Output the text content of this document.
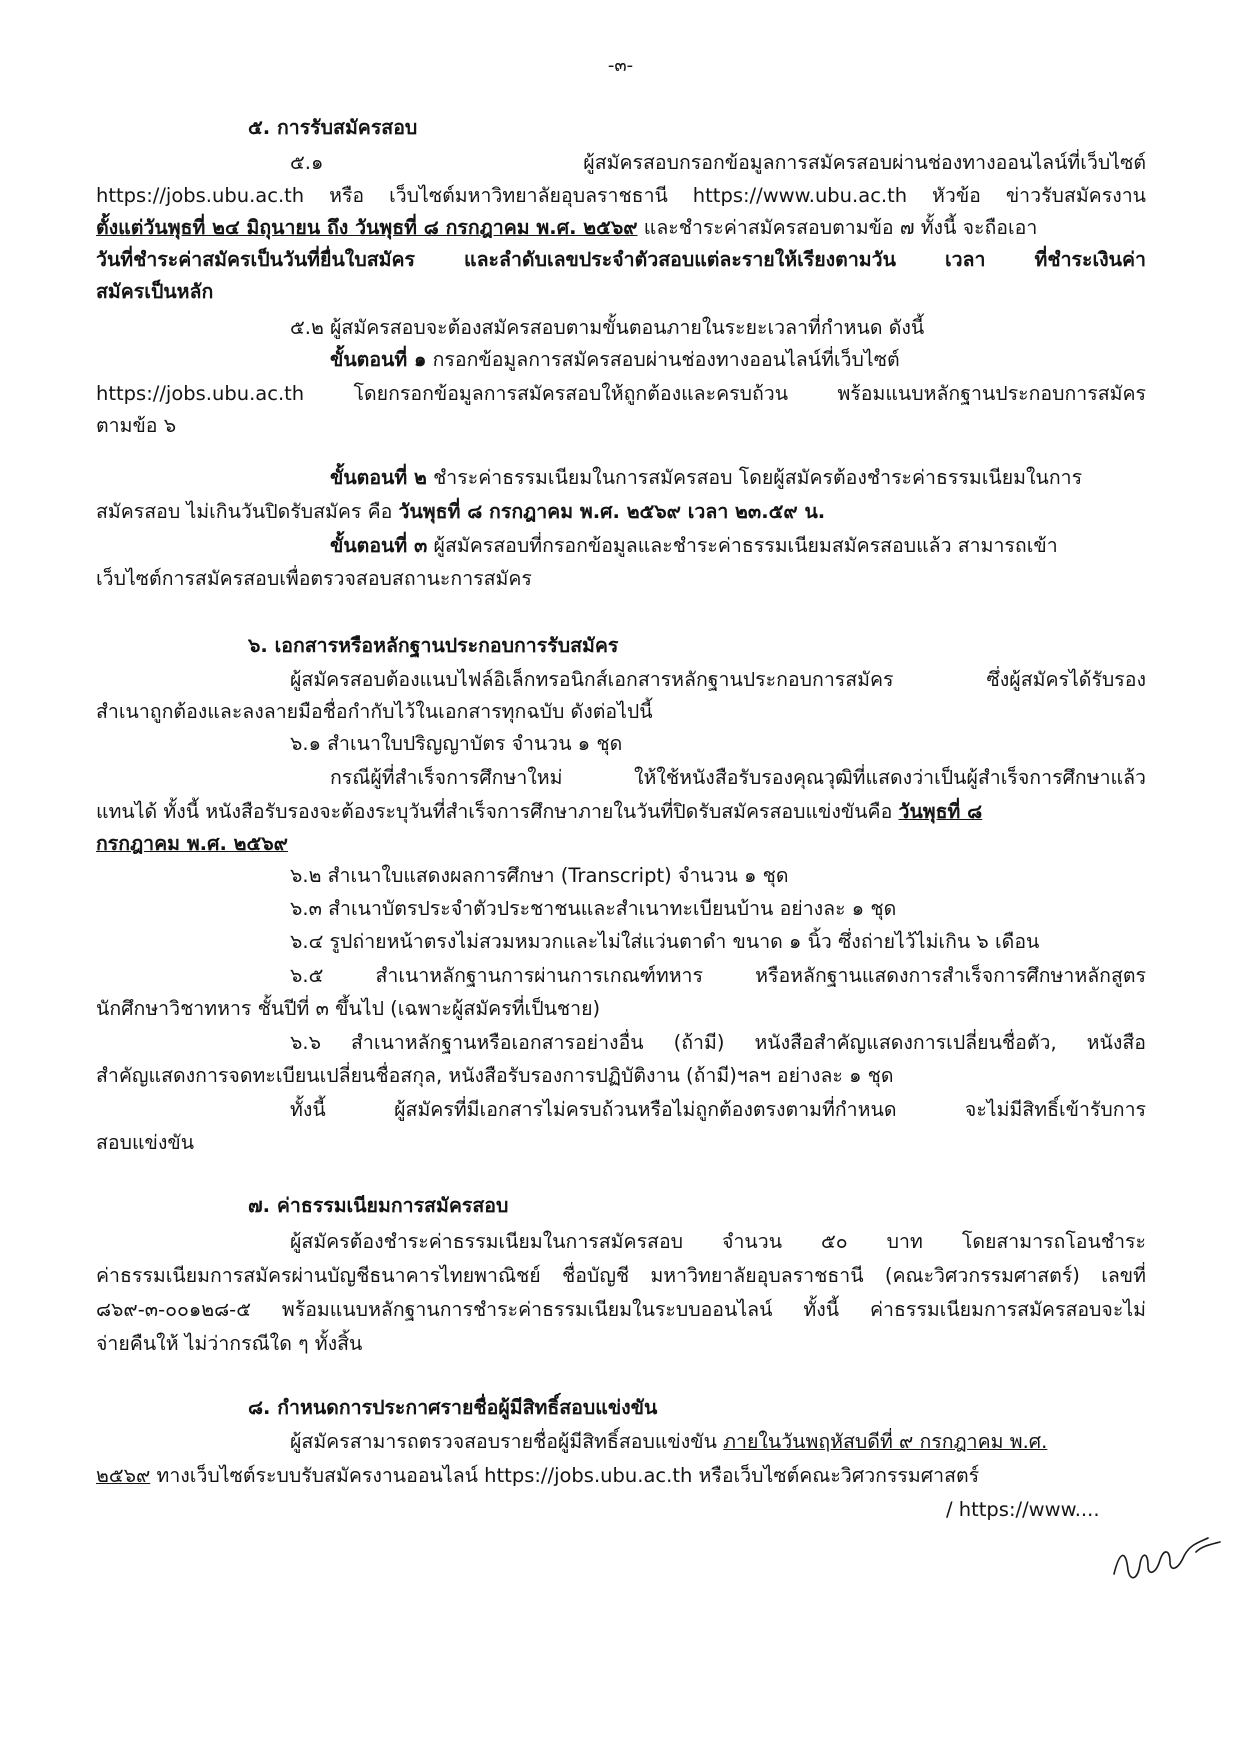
-๓-
๕. การรับสมัครสอบ
๕.๑ ผู้สมัครสอบกรอกข้อมูลการสมัครสอบผ่านช่องทางออนไลน์ที่เว็บไซต์
https://jobs.ubu.ac.th หรือ เว็บไซต์มหาวิทยาลัยอุบลราชธานี https://www.ubu.ac.th หัวข้อ ข่าวรับสมัครงาน
ตั้งแต่วันพุธที่ ๒๔ มิถุนายน ถึง วันพุธที่ ๘ กรกฎาคม พ.ศ. ๒๕๖๙ และชำระค่าสมัครสอบตามข้อ ๗ ทั้งนี้ จะถือเอา
วันที่ชำระค่าสมัครเป็นวันที่ยื่นใบสมัคร และลำดับเลขประจำตัวสอบแต่ละรายให้เรียงตามวัน เวลา ที่ชำระเงินค่า
สมัครเป็นหลัก
๕.๒ ผู้สมัครสอบจะต้องสมัครสอบตามขั้นตอนภายในระยะเวลาที่กำหนด ดังนี้
ขั้นตอนที่ ๑ กรอกข้อมูลการสมัครสอบผ่านช่องทางออนไลน์ที่เว็บไซต์
https://jobs.ubu.ac.th โดยกรอกข้อมูลการสมัครสอบให้ถูกต้องและครบถ้วน พร้อมแนบหลักฐานประกอบการสมัคร
ตามข้อ ๖
ขั้นตอนที่ ๒ ชำระค่าธรรมเนียมในการสมัครสอบ โดยผู้สมัครต้องชำระค่าธรรมเนียมในการ
สมัครสอบ ไม่เกินวันปิดรับสมัคร คือ วันพุธที่ ๘ กรกฎาคม พ.ศ. ๒๕๖๙ เวลา ๒๓.๕๙ น.
ขั้นตอนที่ ๓ ผู้สมัครสอบที่กรอกข้อมูลและชำระค่าธรรมเนียมสมัครสอบแล้ว สามารถเข้า
เว็บไซต์การสมัครสอบเพื่อตรวจสอบสถานะการสมัคร
๖. เอกสารหรือหลักฐานประกอบการรับสมัคร
ผู้สมัครสอบต้องแนบไฟล์อิเล็กทรอนิกส์เอกสารหลักฐานประกอบการสมัคร ซึ่งผู้สมัครได้รับรอง
สำเนาถูกต้องและลงลายมือชื่อกำกับไว้ในเอกสารทุกฉบับ ดังต่อไปนี้
๖.๑ สำเนาใบปริญญาบัตร จำนวน ๑ ชุด
กรณีผู้ที่สำเร็จการศึกษาใหม่ ให้ใช้หนังสือรับรองคุณวุฒิที่แสดงว่าเป็นผู้สำเร็จการศึกษาแล้ว
แทนได้ ทั้งนี้ หนังสือรับรองจะต้องระบุวันที่สำเร็จการศึกษาภายในวันที่ปิดรับสมัครสอบแข่งขันคือ วันพุธที่ ๘
กรกฎาคม พ.ศ. ๒๕๖๙
๖.๒ สำเนาใบแสดงผลการศึกษา (Transcript) จำนวน ๑ ชุด
๖.๓ สำเนาบัตรประจำตัวประชาชนและสำเนาทะเบียนบ้าน อย่างละ ๑ ชุด
๖.๔ รูปถ่ายหน้าตรงไม่สวมหมวกและไม่ใส่แว่นตาดำ ขนาด ๑ นิ้ว ซึ่งถ่ายไว้ไม่เกิน ๖ เดือน
๖.๕ สำเนาหลักฐานการผ่านการเกณฑ์ทหาร หรือหลักฐานแสดงการสำเร็จการศึกษาหลักสูตร
นักศึกษาวิชาทหาร ชั้นปีที่ ๓ ขึ้นไป (เฉพาะผู้สมัครที่เป็นชาย)
๖.๖ สำเนาหลักฐานหรือเอกสารอย่างอื่น (ถ้ามี) หนังสือสำคัญแสดงการเปลี่ยนชื่อตัว, หนังสือ
สำคัญแสดงการจดทะเบียนเปลี่ยนชื่อสกุล, หนังสือรับรองการปฏิบัติงาน (ถ้ามี)ฯลฯ อย่างละ ๑ ชุด
ทั้งนี้ ผู้สมัครที่มีเอกสารไม่ครบถ้วนหรือไม่ถูกต้องตรงตามที่กำหนด จะไม่มีสิทธิ์เข้ารับการ
สอบแข่งขัน
๗. ค่าธรรมเนียมการสมัครสอบ
ผู้สมัครต้องชำระค่าธรรมเนียมในการสมัครสอบ จำนวน ๕๐ บาท โดยสามารถโอนชำระ
ค่าธรรมเนียมการสมัครผ่านบัญชีธนาคารไทยพาณิชย์ ชื่อบัญชี มหาวิทยาลัยอุบลราชธานี (คณะวิศวกรรมศาสตร์) เลขที่
๘๖๙-๓-๐๐๑๒๘-๕ พร้อมแนบหลักฐานการชำระค่าธรรมเนียมในระบบออนไลน์ ทั้งนี้ ค่าธรรมเนียมการสมัครสอบจะไม่
จ่ายคืนให้ ไม่ว่ากรณีใด ๆ ทั้งสิ้น
๘. กำหนดการประกาศรายชื่อผู้มีสิทธิ์สอบแข่งขัน
ผู้สมัครสามารถตรวจสอบรายชื่อผู้มีสิทธิ์สอบแข่งขัน ภายในวันพฤหัสบดีที่ ๙ กรกฎาคม พ.ศ.
๒๕๖๙ ทางเว็บไซต์ระบบรับสมัครงานออนไลน์ https://jobs.ubu.ac.th หรือเว็บไซต์คณะวิศวกรรมศาสตร์
/ https://www....
